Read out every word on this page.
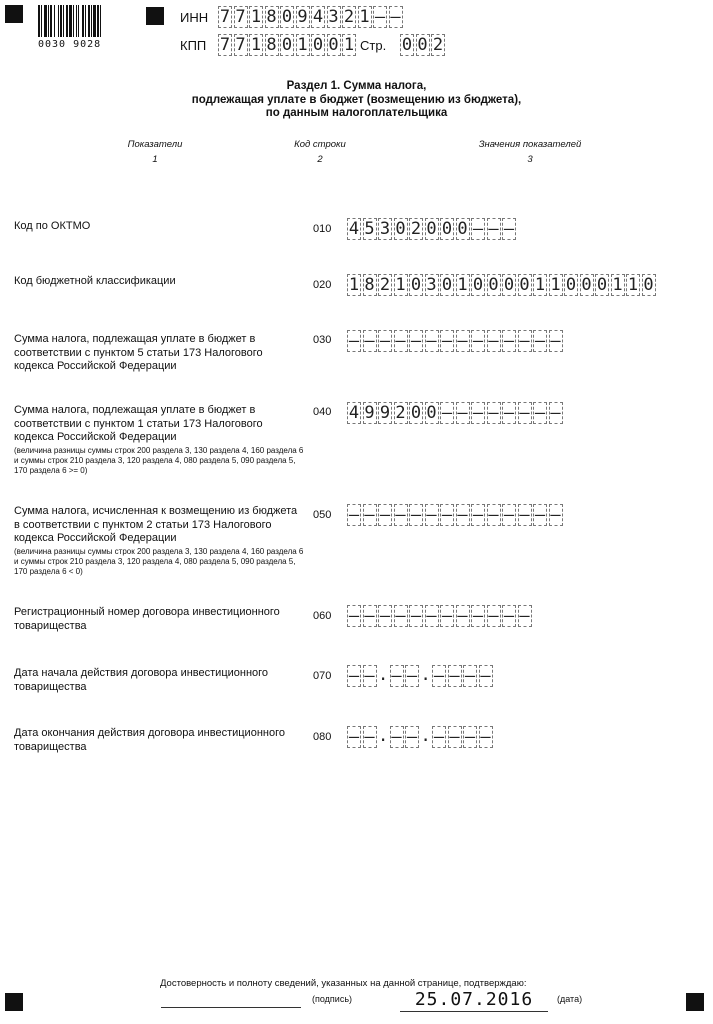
0030 9028
ИНН 7 7 1 8 0 9 4 3 2 1 – –
КПП 7 7 1 8 0 1 0 0 1 Стр. 0 0 2
Раздел 1. Сумма налога,
подлежащая уплате в бюджет (возмещению из бюджета),
по данным налогоплательщика
Показатели
1
Код строки
2
Значения показателей
3
Код по ОКТМО	010 4 5 3 0 2 0 0 0 – – –
Код бюджетной классификации	020 1 8 2 1 0 3 0 1 0 0 0 0 1 1 0 0 0 1 1 0
Сумма налога, подлежащая уплате в бюджет в соответствии с пунктом 5 статьи 173 Налогового кодекса Российской Федерации
030 – – – – – – – – – – – – – –
Сумма налога, подлежащая уплате в бюджет в соответствии с пунктом 1 статьи 173 Налогового кодекса Российской Федерации
(величина разницы суммы строк 200 раздела 3, 130 раздела 4, 160 раздела 6 и суммы строк 210 раздела 3, 120 раздела 4, 080 раздела 5, 090 раздела 5, 170 раздела 6 >= 0)
040 4 9 9 2 0 0 – – – – – – – –
Сумма налога, исчисленная к возмещению из бюджета в соответствии с пунктом 2 статьи 173 Налогового кодекса Российской Федерации
(величина разницы суммы строк 200 раздела 3, 130 раздела 4, 160 раздела 6 и суммы строк 210 раздела 3, 120 раздела 4, 080 раздела 5, 090 раздела 5, 170 раздела 6 < 0)
050 – – – – – – – – – – – – – –
Регистрационный номер договора инвестиционного товарищества
060 – – – – – – – – – – – –
Дата начала действия договора инвестиционного товарищества
070 – – . – – . – – – –
Дата окончания действия договора инвестиционного товарищества
080 – – . – – . – – – –
Достоверность и полноту сведений, указанных на данной странице, подтверждаю:
(подпись)	25.07.2016	(дата)
